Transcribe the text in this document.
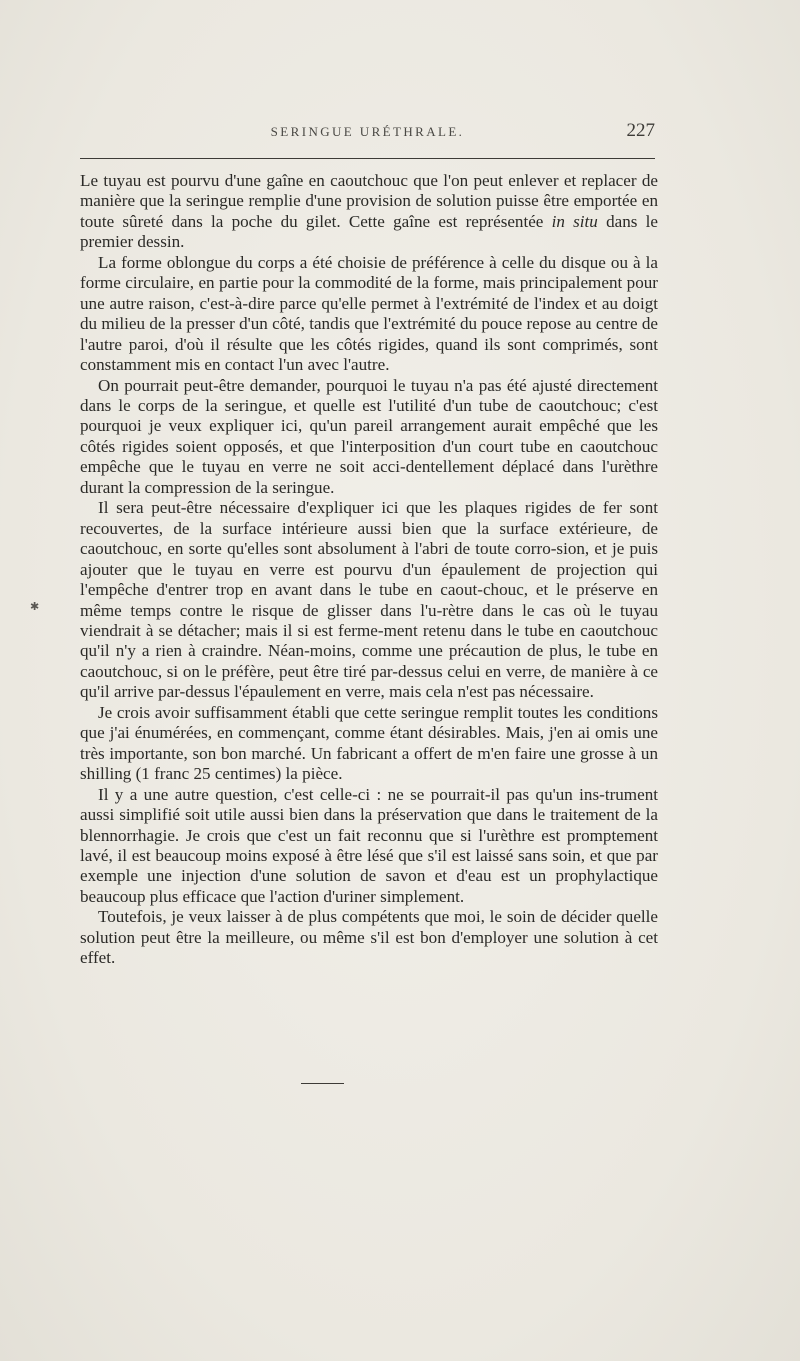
SERINGUE URÉTHRALE.	227

Le tuyau est pourvu d'une gaîne en caoutchouc que l'on peut enlever et replacer de manière que la seringue remplie d'une provision de solution puisse être emportée en toute sûreté dans la poche du gilet. Cette gaîne est représentée in situ dans le premier dessin.

La forme oblongue du corps a été choisie de préférence à celle du disque ou à la forme circulaire, en partie pour la commodité de la forme, mais principalement pour une autre raison, c'est-à-dire parce qu'elle permet à l'extrémité de l'index et au doigt du milieu de la presser d'un côté, tandis que l'extrémité du pouce repose au centre de l'autre paroi, d'où il résulte que les côtés rigides, quand ils sont comprimés, sont constamment mis en contact l'un avec l'autre.

On pourrait peut-être demander, pourquoi le tuyau n'a pas été ajusté directement dans le corps de la seringue, et quelle est l'utilité d'un tube de caoutchouc; c'est pourquoi je veux expliquer ici, qu'un pareil arrangement aurait empêché que les côtés rigides soient opposés, et que l'interposition d'un court tube en caoutchouc empêche que le tuyau en verre ne soit acci-dentellement déplacé dans l'urèthre durant la compression de la seringue.

Il sera peut-être nécessaire d'expliquer ici que les plaques rigides de fer sont recouvertes, de la surface intérieure aussi bien que la surface extérieure, de caoutchouc, en sorte qu'elles sont absolument à l'abri de toute corro-sion, et je puis ajouter que le tuyau en verre est pourvu d'un épaulement de projection qui l'empêche d'entrer trop en avant dans le tube en caout-chouc, et le préserve en même temps contre le risque de glisser dans l'u-rètre dans le cas où le tuyau viendrait à se détacher; mais il si est ferme-ment retenu dans le tube en caoutchouc qu'il n'y a rien à craindre. Néan-moins, comme une précaution de plus, le tube en caoutchouc, si on le préfère, peut être tiré par-dessus celui en verre, de manière à ce qu'il arrive par-dessus l'épaulement en verre, mais cela n'est pas nécessaire.

Je crois avoir suffisamment établi que cette seringue remplit toutes les conditions que j'ai énumérées, en commençant, comme étant désirables. Mais, j'en ai omis une très importante, son bon marché. Un fabricant a offert de m'en faire une grosse à un shilling (1 franc 25 centimes) la pièce.

Il y a une autre question, c'est celle-ci : ne se pourrait-il pas qu'un ins-trument aussi simplifié soit utile aussi bien dans la préservation que dans le traitement de la blennorrhagie. Je crois que c'est un fait reconnu que si l'urèthre est promptement lavé, il est beaucoup moins exposé à être lésé que s'il est laissé sans soin, et que par exemple une injection d'une solution de savon et d'eau est un prophylactique beaucoup plus efficace que l'action d'uriner simplement.

Toutefois, je veux laisser à de plus compétents que moi, le soin de décider quelle solution peut être la meilleure, ou même s'il est bon d'employer une solution à cet effet.

✱
